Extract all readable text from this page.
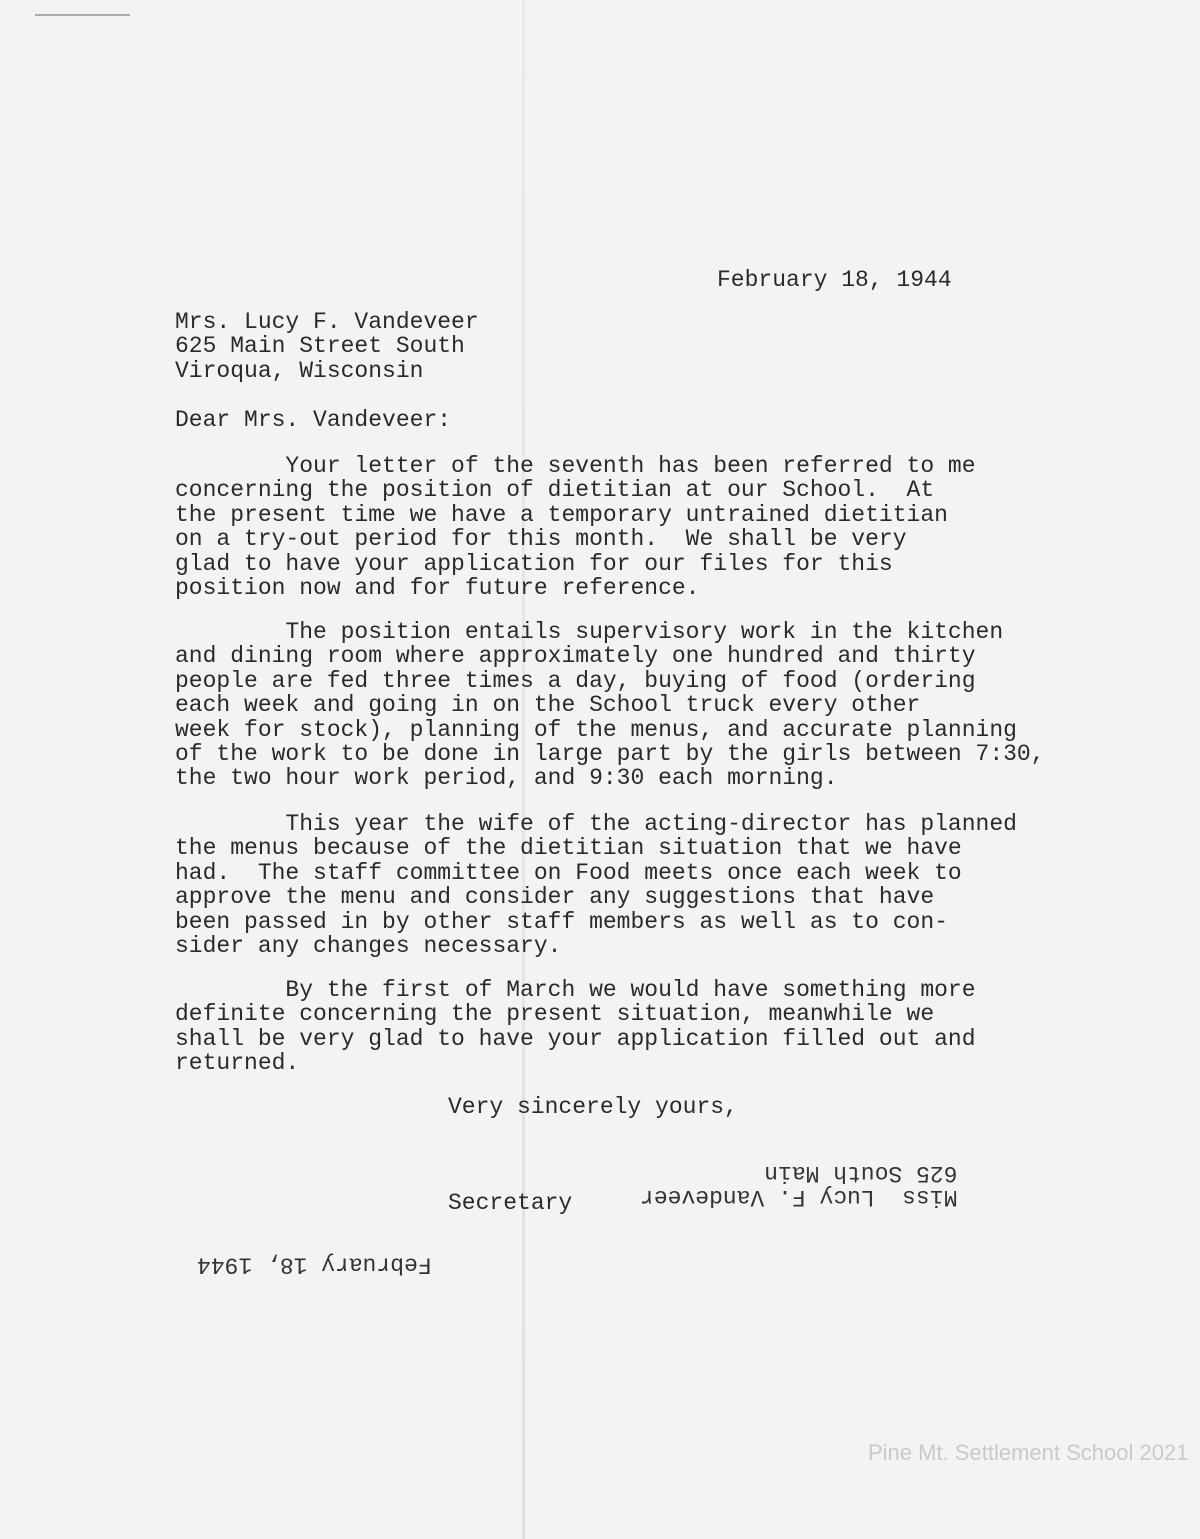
February 18, 1944
Mrs. Lucy F. Vandeveer
625 Main Street South
Viroqua, Wisconsin
Dear Mrs. Vandeveer:
Your letter of the seventh has been referred to me
concerning the position of dietitian at our School.  At
the present time we have a temporary untrained dietitian
on a try-out period for this month.  We shall be very
glad to have your application for our files for this
position now and for future reference.
The position entails supervisory work in the kitchen
and dining room where approximately one hundred and thirty
people are fed three times a day, buying of food (ordering
each week and going in on the School truck every other
week for stock), planning of the menus, and accurate planning
of the work to be done in large part by the girls between 7:30,
the two hour work period, and 9:30 each morning.
This year the wife of the acting-director has planned
the menus because of the dietitian situation that we have
had.  The staff committee on Food meets once each week to
approve the menu and consider any suggestions that have
been passed in by other staff members as well as to con-
sider any changes necessary.
By the first of March we would have something more
definite concerning the present situation, meanwhile we
shall be very glad to have your application filled out and
returned.
Very sincerely yours,
Secretary	Miss  Lucy F. Vandeveer
625 South Main
February 18, 1944
Pine Mt. Settlement School 2021
